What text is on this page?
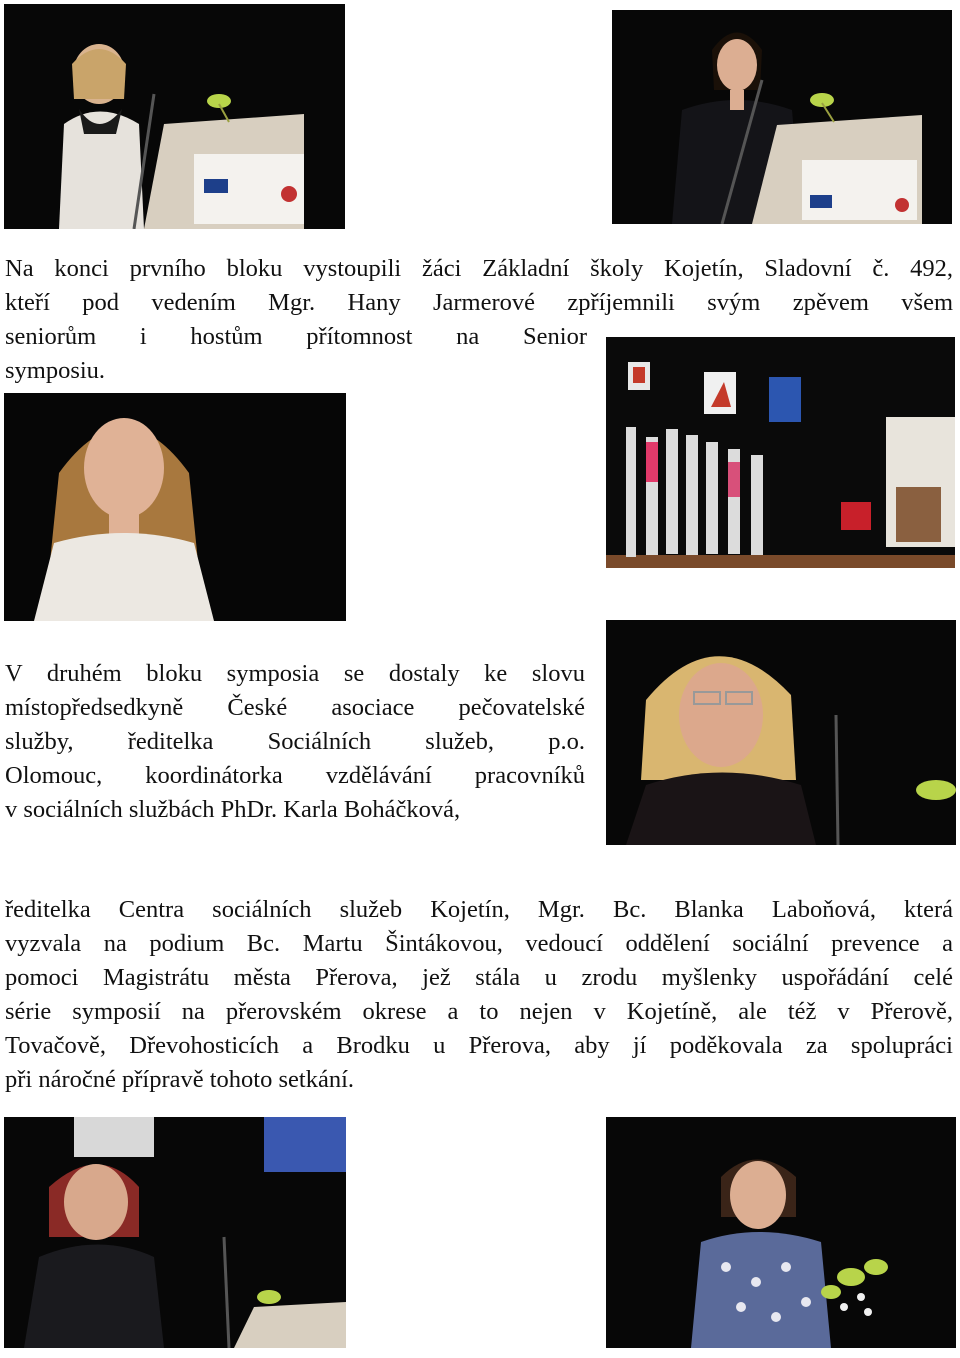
Na konci prvního bloku vystoupili žáci Základní školy Kojetín, Sladovní č. 492,
kteří pod vedením Mgr. Hany Jarmerové zpříjemnili svým zpěvem všem
seniorům i hostům přítomnost na Senior
symposiu.
V druhém bloku symposia se dostaly ke slovu
místopředsedkyně České asociace pečovatelské
služby, ředitelka Sociálních služeb, p.o.
Olomouc, koordinátorka vzdělávání pracovníků
v sociálních službách PhDr. Karla Boháčková,
ředitelka Centra sociálních služeb Kojetín, Mgr. Bc. Blanka Laboňová, která
vyzvala na podium Bc. Martu Šintákovou, vedoucí oddělení sociální prevence a
pomoci Magistrátu města Přerova, jež stála u zrodu myšlenky uspořádání celé
série symposií na přerovském okrese a to nejen v Kojetíně, ale též v Přerově,
Tovačově, Dřevohosticích a Brodku u Přerova, aby jí poděkovala za spolupráci
při náročné přípravě tohoto setkání.
